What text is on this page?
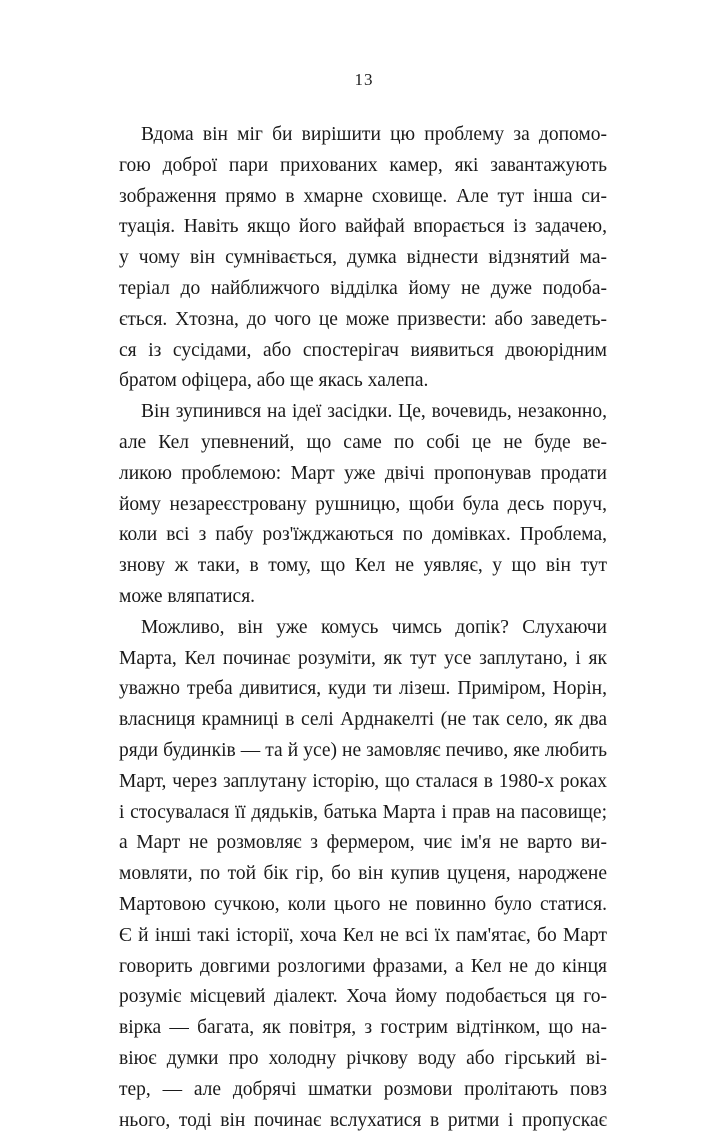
13
Вдома він міг би вирішити цю проблему за допомо-
гою доброї пари прихованих камер, які завантажують
зображення прямо в хмарне сховище. Але тут інша си-
туація. Навіть якщо його вайфай впорається із задачею,
у чому він сумнівається, думка віднести відзнятий ма-
теріал до найближчого відділка йому не дуже подоба-
ється. Хтозна, до чого це може призвести: або заведеть-
ся із сусідами, або спостерігач виявиться двоюрідним
братом офіцера, або ще якась халепа.
Він зупинився на ідеї засідки. Це, вочевидь, незаконно,
але Кел упевнений, що саме по собі це не буде ве-
ликою проблемою: Март уже двічі пропонував продати
йому незареєстровану рушницю, щоби була десь поруч,
коли всі з пабу роз'їжджаються по домівках. Проблема,
знову ж таки, в тому, що Кел не уявляє, у що він тут
може вляпатися.
Можливо, він уже комусь чимсь допік? Слухаючи
Марта, Кел починає розуміти, як тут усе заплутано, і як
уважно треба дивитися, куди ти лізеш. Приміром, Норін,
власниця крамниці в селі Арднакелті (не так село, як два
ряди будинків — та й усе) не замовляє печиво, яке любить
Март, через заплутану історію, що сталася в 1980-х роках
і стосувалася її дядьків, батька Марта і прав на пасовище;
а Март не розмовляє з фермером, чиє ім'я не варто ви-
мовляти, по той бік гір, бо він купив цуценя, народжене
Мартовою сучкою, коли цього не повинно було статися.
Є й інші такі історії, хоча Кел не всі їх пам'ятає, бо Март
говорить довгими розлогими фразами, а Кел не до кінця
розуміє місцевий діалект. Хоча йому подобається ця го-
вірка — багата, як повітря, з гострим відтінком, що на-
віює думки про холодну річкову воду або гірський ві-
тер, — але добрячі шматки розмови пролітають повз
нього, тоді він починає вслухатися в ритми і пропускає
